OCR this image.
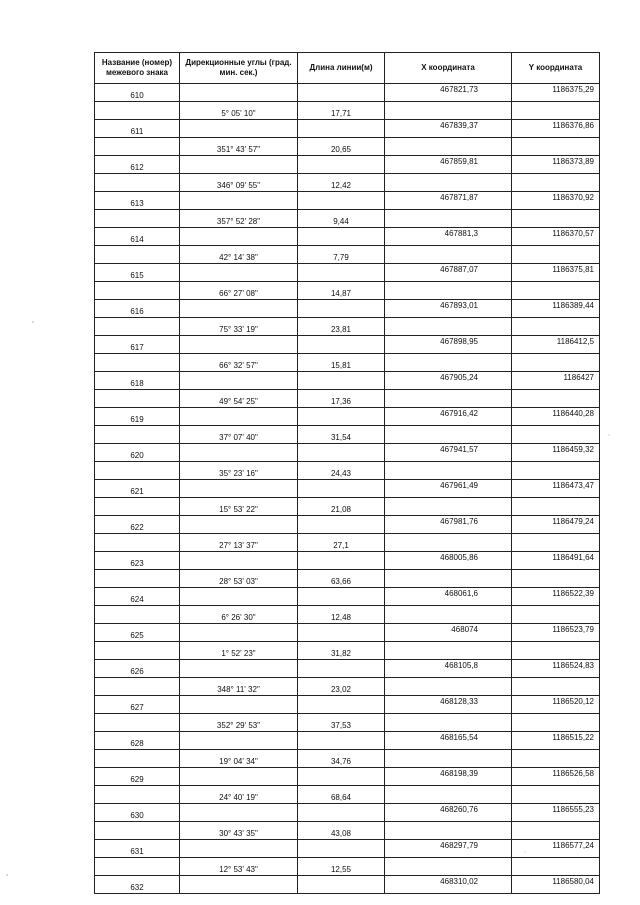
Название (номер) межевого знака	Дирекционные углы (град. мин. сек.)	Длина линии(м)	X координата	Y координата
610			467821,73	1186375,29
	5° 05' 10"	17,71		
611			467839,37	1186376,86
	351° 43' 57"	20,65		
612			467859,81	1186373,89
	346° 09' 55"	12,42		
613			467871,87	1186370,92
	357° 52' 28"	9,44		
614			467881,3	1186370,57
	42° 14' 38"	7,79		
615			467887,07	1186375,81
	66° 27' 08"	14,87		
616			467893,01	1186389,44
	75° 33' 19"	23,81		
617			467898,95	1186412,5
	66° 32' 57"	15,81		
618			467905,24	1186427
	49° 54' 25"	17,36		
619			467916,42	1186440,28
	37° 07' 40"	31,54		
620			467941,57	1186459,32
	35° 23' 16"	24,43		
621			467961,49	1186473,47
	15° 53' 22"	21,08		
622			467981,76	1186479,24
	27° 13' 37"	27,1		
623			468005,86	1186491,64
	28° 53' 03"	63,66		
624			468061,6	1186522,39
	6° 26' 30"	12,48		
625			468074	1186523,79
	1° 52' 23"	31,82		
626			468105,8	1186524,83
	348° 11' 32"	23,02		
627			468128,33	1186520,12
	352° 29' 53"	37,53		
628			468165,54	1186515,22
	19° 04' 34"	34,76		
629			468198,39	1186526,58
	24° 40' 19"	68,64		
630			468260,76	1186555,23
	30° 43' 35"	43,08		
631			468297,79	1186577,24
	12° 53' 43"	12,55		
632			468310,02	1186580,04
